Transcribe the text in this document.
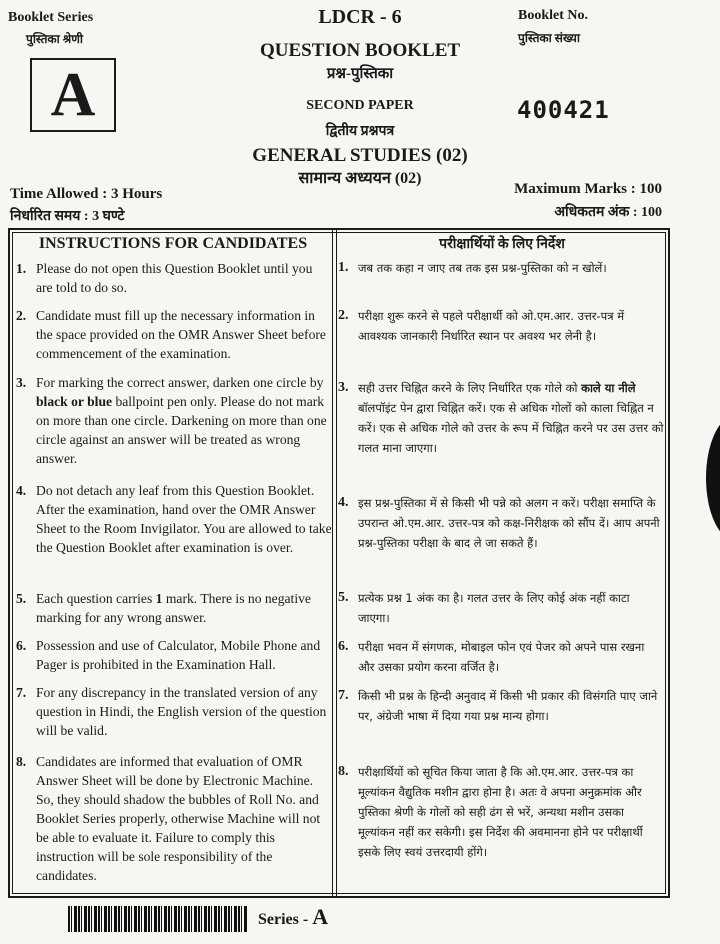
Booklet Series
पुस्तिका श्रेणी
A
LDCR - 6	Booklet No.
पुस्तिका संख्या
QUESTION BOOKLET
प्रश्न-पुस्तिका
SECOND PAPER
द्वितीय प्रश्नपत्र
400421
GENERAL STUDIES (02)
सामान्य अध्ययन (02)
Time Allowed : 3 Hours
निर्धारित समय : 3 घण्टे
Maximum Marks : 100
अधिकतम अंक : 100
INSTRUCTIONS FOR CANDIDATES	परीक्षार्थियों के लिए निर्देश
1. Please do not open this Question Booklet until you are told to do so.
2. Candidate must fill up the necessary information in the space provided on the OMR Answer Sheet before commencement of the examination.
3. For marking the correct answer, darken one circle by black or blue ballpoint pen only. Please do not mark on more than one circle. Darkening on more than one circle against an answer will be treated as wrong answer.
4. Do not detach any leaf from this Question Booklet. After the examination, hand over the OMR Answer Sheet to the Room Invigilator. You are allowed to take the Question Booklet after examination is over.
5. Each question carries 1 mark. There is no negative marking for any wrong answer.
6. Possession and use of Calculator, Mobile Phone and Pager is prohibited in the Examination Hall.
7. For any discrepancy in the translated version of any question in Hindi, the English version of the question will be valid.
8. Candidates are informed that evaluation of OMR Answer Sheet will be done by Electronic Machine. So, they should shadow the bubbles of Roll No. and Booklet Series properly, otherwise Machine will not be able to evaluate it. Failure to comply this instruction will be sole responsibility of the candidates.
1. जब तक कहा न जाए तब तक इस प्रश्न-पुस्तिका को न खोलें।
2. परीक्षा शुरू करने से पहले परीक्षार्थी को ओ.एम.आर. उत्तर-पत्र में आवश्यक जानकारी निर्धारित स्थान पर अवश्य भर लेनी है।
3. सही उत्तर चिह्नित करने के लिए निर्धारित एक गोले को काले या नीले बॉलपॉइंट पेन द्वारा चिह्नित करें। एक से अधिक गोलों को काला चिह्नित न करें। एक से अधिक गोले को उत्तर के रूप में चिह्नित करने पर उस उत्तर को गलत माना जाएगा।
4. इस प्रश्न-पुस्तिका में से किसी भी पन्ने को अलग न करें। परीक्षा समाप्ति के उपरान्त ओ.एम.आर. उत्तर-पत्र को कक्ष-निरीक्षक को सौंप दें। आप अपनी प्रश्न-पुस्तिका परीक्षा के बाद ले जा सकते हैं।
5. प्रत्येक प्रश्न 1 अंक का है। गलत उत्तर के लिए कोई अंक नहीं काटा जाएगा।
6. परीक्षा भवन में संगणक, मोबाइल फोन एवं पेजर को अपने पास रखना और उसका प्रयोग करना वर्जित है।
7. किसी भी प्रश्न के हिन्दी अनुवाद में किसी भी प्रकार की विसंगति पाए जाने पर, अंग्रेजी भाषा में दिया गया प्रश्न मान्य होगा।
8. परीक्षार्थियों को सूचित किया जाता है कि ओ.एम.आर. उत्तर-पत्र का मूल्यांकन वैद्युतिक मशीन द्वारा होना है। अतः वे अपना अनुक्रमांक और पुस्तिका श्रेणी के गोलों को सही ढंग से भरें, अन्यथा मशीन उसका मूल्यांकन नहीं कर सकेगी। इस निर्देश की अवमानना होने पर परीक्षार्थी इसके लिए स्वयं उत्तरदायी होंगे।
Series - A
